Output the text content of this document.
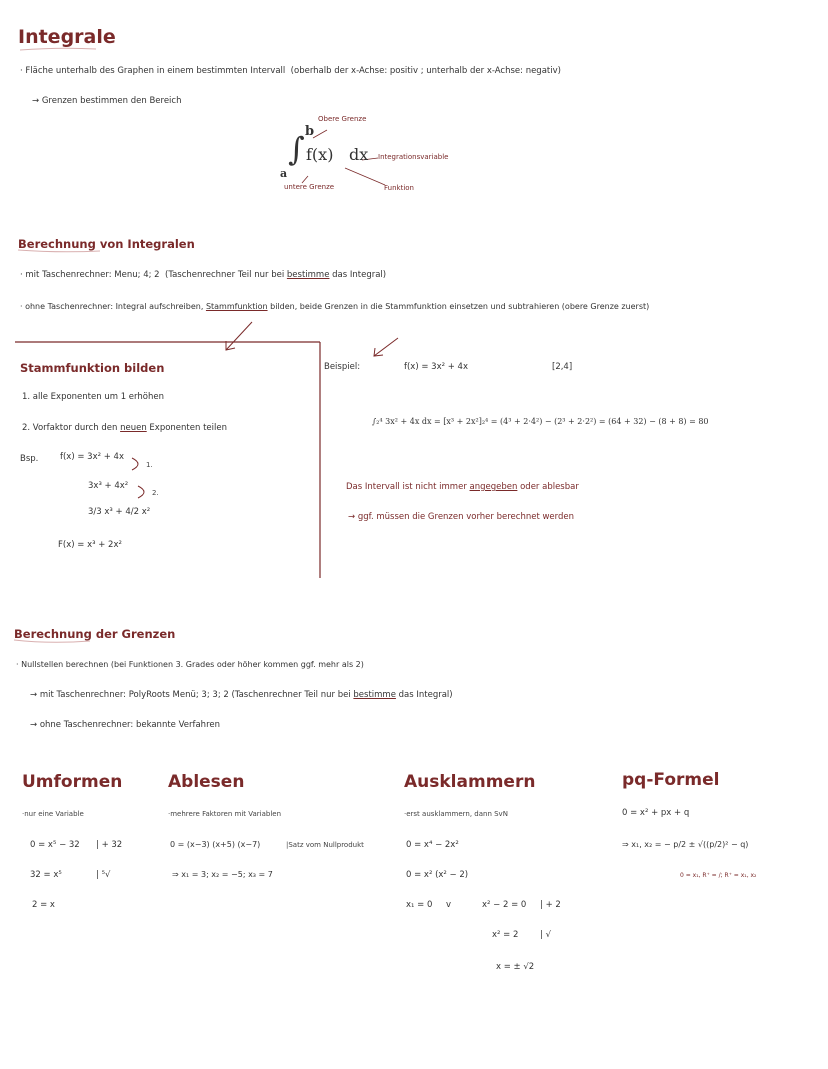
Integrale
· Fläche unterhalb des Graphen in einem bestimmten Intervall (oberhalb der x-Achse: positiv ; unterhalb der x-Achse: negativ)
→ Grenzen bestimmen den Bereich
Obere Grenze
b
∫ f(x) dx
a
Integrationsvariable
untere Grenze	Funktion
Berechnung von Integralen
· mit Taschenrechner: Menu; 4; 2 (Taschenrechner Teil nur bei bestimme das Integral)
· ohne Taschenrechner: Integral aufschreiben, Stammfunktion bilden, beide Grenzen in die Stammfunktion einsetzen und subtrahieren (obere Grenze zuerst)
Stammfunktion bilden
1. alle Exponenten um 1 erhöhen
2. Vorfaktor durch den neuen Exponenten teilen
Bsp.	f(x) = 3x² + 4x
1.
3x³ + 4x²
2.
3/3 x³ + 4/2 x²
F(x) = x³ + 2x²
Beispiel:	f(x) = 3x² + 4x	[2,4]
∫₂⁴ 3x² + 4x dx = [x³ + 2x²]₂⁴ = (4³ + 2·4²) − (2³ + 2·2²) = (64 + 32) − (8 + 8) = 80
Das Intervall ist nicht immer angegeben oder ablesbar
→ ggf. müssen die Grenzen vorher berechnet werden
Berechnung der Grenzen
· Nullstellen berechnen (bei Funktionen 3. Grades oder höher kommen ggf. mehr als 2)
→ mit Taschenrechner: PolyRoots Menü; 3; 3; 2 (Taschenrechner Teil nur bei bestimme das Integral)
→ ohne Taschenrechner: bekannte Verfahren
Umformen
·nur eine Variable
0 = x⁵ − 32 | + 32
32 = x⁵	| ⁵√
2 = x
Ablesen
·mehrere Faktoren mit Variablen
0 = (x−3) (x+5) (x−7)	|Satz vom Nullprodukt
⇒ x₁ = 3; x₂ = −5; x₃ = 7
Ausklammern
·erst ausklammern, dann SvN
0 = x⁴ − 2x²
0 = x² (x² − 2)
x₁ = 0 v	x² − 2 = 0 | + 2
x² = 2	| √
x = ± √2
pq-Formel
0 = x² + px + q
⇒ x₁, x₂ = − p/2 ± √((p/2)² − q)
0 = x₁, R⁺ = /; R⁺ = x₁, x₂
